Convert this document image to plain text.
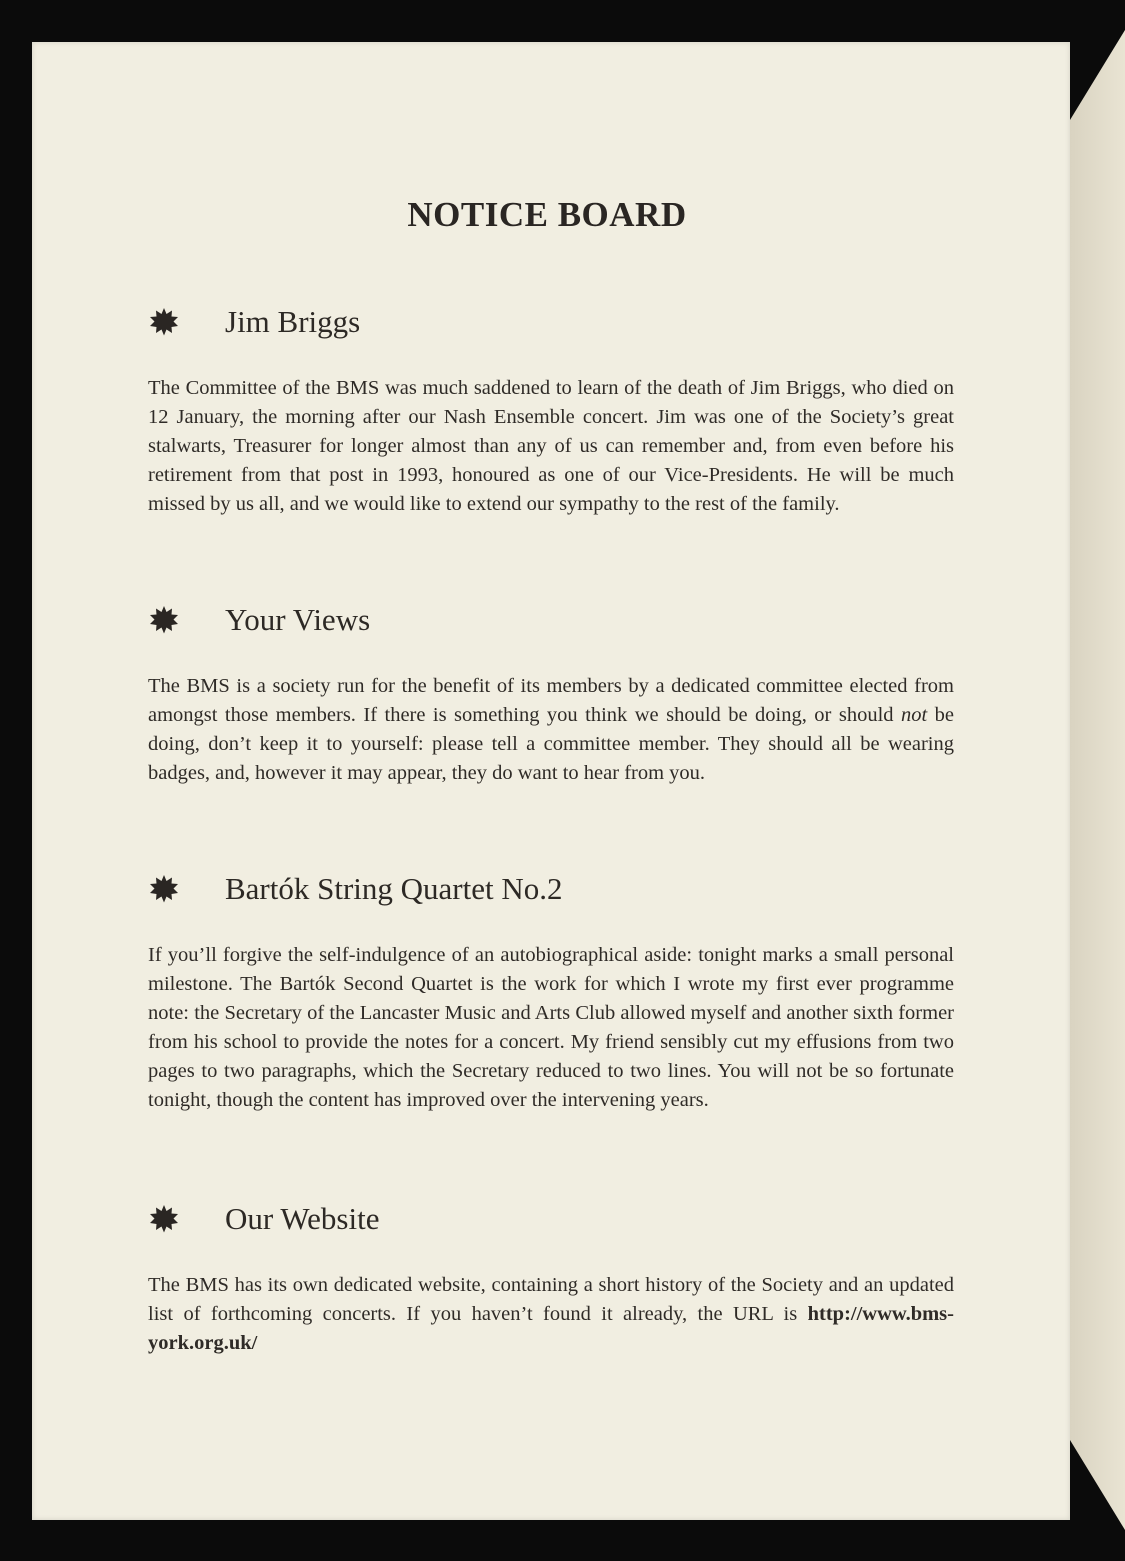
NOTICE BOARD
Jim Briggs

The Committee of the BMS was much saddened to learn of the death of Jim Briggs, who died on 12 January, the morning after our Nash Ensemble concert. Jim was one of the Society’s great stalwarts, Treasurer for longer almost than any of us can remember and, from even before his retirement from that post in 1993, honoured as one of our Vice-Presidents. He will be much missed by us all, and we would like to extend our sympathy to the rest of the family.

Your Views

The BMS is a society run for the benefit of its members by a dedicated committee elected from amongst those members. If there is something you think we should be doing, or should not be doing, don’t keep it to yourself: please tell a committee member. They should all be wearing badges, and, however it may appear, they do want to hear from you.

Bartók String Quartet No.2

If you’ll forgive the self-indulgence of an autobiographical aside: tonight marks a small personal milestone. The Bartók Second Quartet is the work for which I wrote my first ever programme note: the Secretary of the Lancaster Music and Arts Club allowed myself and another sixth former from his school to provide the notes for a concert. My friend sensibly cut my effusions from two pages to two paragraphs, which the Secretary reduced to two lines. You will not be so fortunate tonight, though the content has improved over the intervening years.

Our Website

The BMS has its own dedicated website, containing a short history of the Society and an updated list of forthcoming concerts. If you haven’t found it already, the URL is http://www.bms-york.org.uk/
